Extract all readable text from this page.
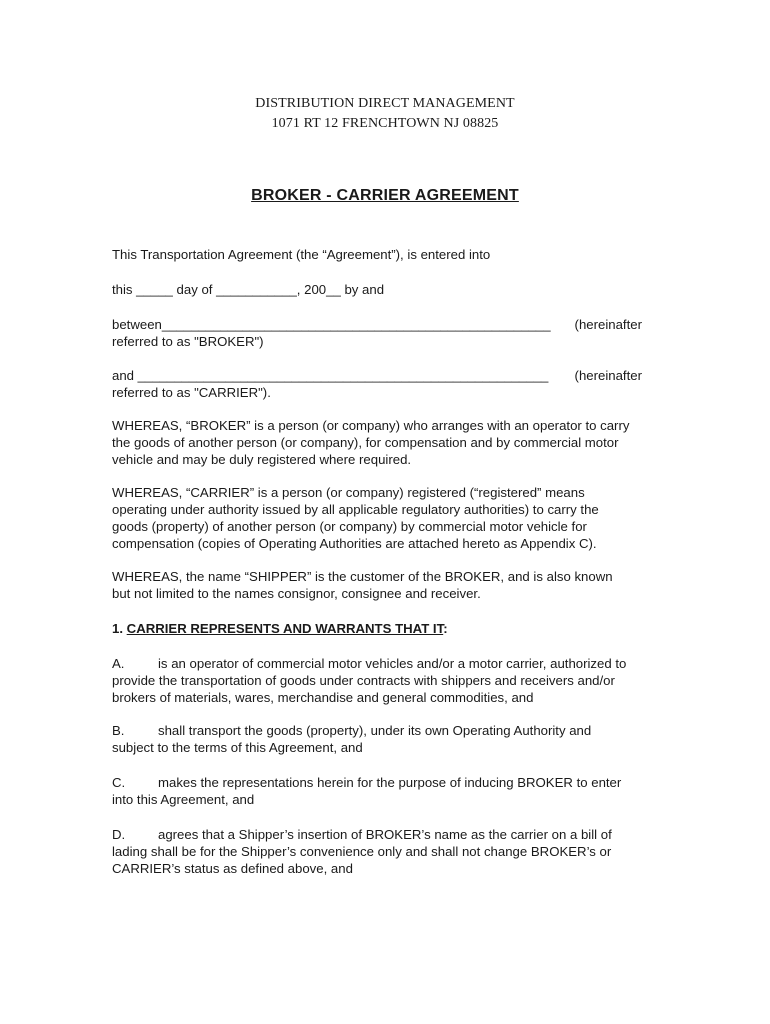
DISTRIBUTION DIRECT MANAGEMENT
1071 RT 12 FRENCHTOWN NJ 08825
BROKER - CARRIER AGREEMENT
This Transportation Agreement (the “Agreement”), is entered into
this _____ day of ___________, 200__ by and
between_____________________________________________________ (hereinafter
referred to as "BROKER")
and ________________________________________________________ (hereinafter
referred to as "CARRIER").
WHEREAS, “BROKER” is a person (or company) who arranges with an operator to carry
the goods of another person (or company), for compensation and by commercial motor
vehicle and may be duly registered where required.
WHEREAS, “CARRIER” is a person (or company) registered (“registered” means
operating under authority issued by all applicable regulatory authorities) to carry the
goods (property) of another person (or company) by commercial motor vehicle for
compensation (copies of Operating Authorities are attached hereto as Appendix C).
WHEREAS, the name “SHIPPER” is the customer of the BROKER, and is also known
but not limited to the names consignor, consignee and receiver.
1. CARRIER REPRESENTS AND WARRANTS THAT IT:
A.	is an operator of commercial motor vehicles and/or a motor carrier, authorized to
provide the transportation of goods under contracts with shippers and receivers and/or
brokers of materials, wares, merchandise and general commodities, and
B.	shall transport the goods (property), under its own Operating Authority and
subject to the terms of this Agreement, and
C. makes the representations herein for the purpose of inducing BROKER to enter
into this Agreement, and
D. agrees that a Shipper’s insertion of BROKER’s name as the carrier on a bill of
lading shall be for the Shipper’s convenience only and shall not change BROKER’s or
CARRIER’s status as defined above, and
